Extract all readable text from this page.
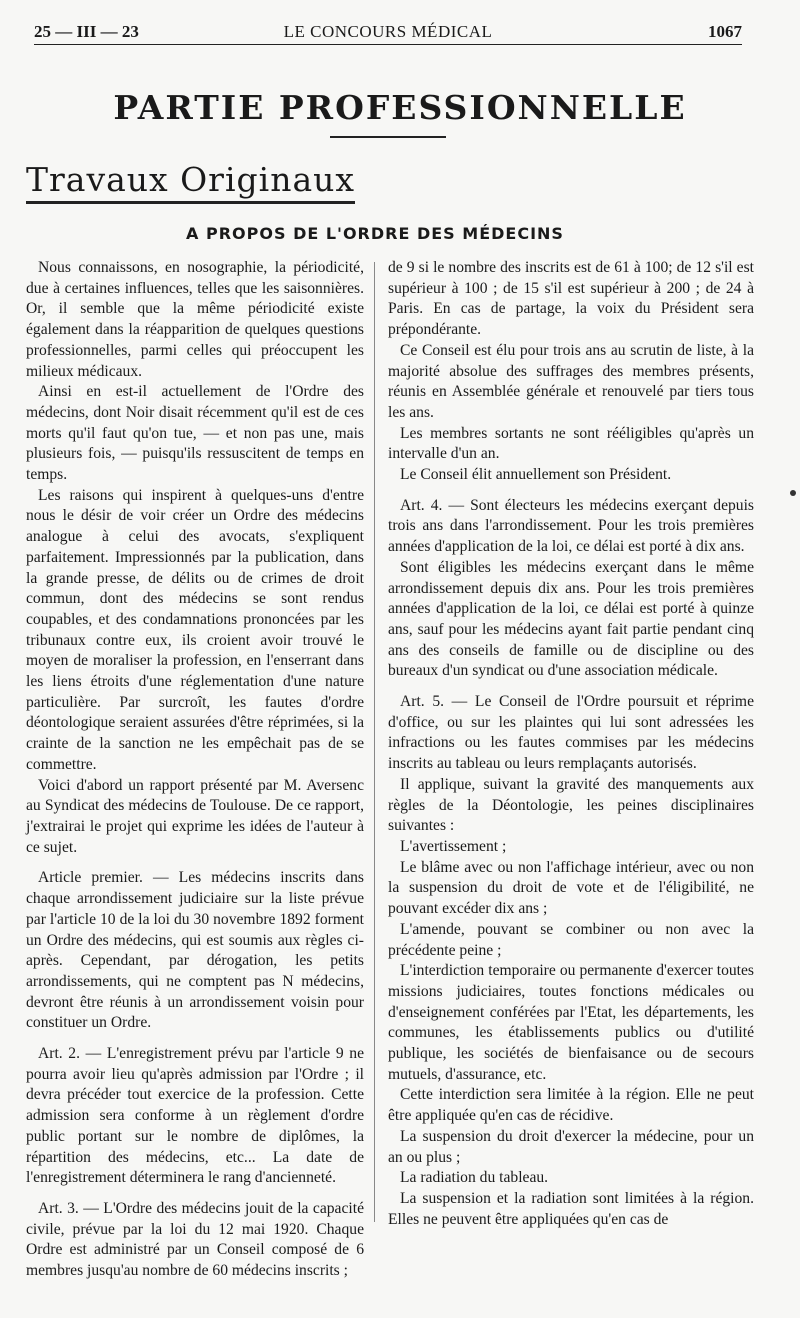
25 — III — 23	LE CONCOURS MÉDICAL	1067
PARTIE PROFESSIONNELLE
Travaux Originaux
A PROPOS DE L'ORDRE DES MÉDECINS

Nous connaissons, en nosographie, la périodicité, due à certaines influences, telles que les saisonnières. Or, il semble que la même périodicité existe également dans la réapparition de quelques questions professionnelles, parmi celles qui préoccupent les milieux médicaux.

Ainsi en est-il actuellement de l'Ordre des médecins, dont Noir disait récemment qu'il est de ces morts qu'il faut qu'on tue, — et non pas une, mais plusieurs fois, — puisqu'ils ressuscitent de temps en temps.

Les raisons qui inspirent à quelques-uns d'entre nous le désir de voir créer un Ordre des médecins analogue à celui des avocats, s'expliquent parfaitement. Impressionnés par la publication, dans la grande presse, de délits ou de crimes de droit commun, dont des médecins se sont rendus coupables, et des condamnations prononcées par les tribunaux contre eux, ils croient avoir trouvé le moyen de moraliser la profession, en l'enserrant dans les liens étroits d'une réglementation d'une nature particulière. Par surcroît, les fautes d'ordre déontologique seraient assurées d'être réprimées, si la crainte de la sanction ne les empêchait pas de se commettre.

Voici d'abord un rapport présenté par M. Aversenc au Syndicat des médecins de Toulouse. De ce rapport, j'extrairai le projet qui exprime les idées de l'auteur à ce sujet.

Article premier. — Les médecins inscrits dans chaque arrondissement judiciaire sur la liste prévue par l'article 10 de la loi du 30 novembre 1892 forment un Ordre des médecins, qui est soumis aux règles ci-après. Cependant, par dérogation, les petits arrondissements, qui ne comptent pas N médecins, devront être réunis à un arrondissement voisin pour constituer un Ordre.

Art. 2. — L'enregistrement prévu par l'article 9 ne pourra avoir lieu qu'après admission par l'Ordre ; il devra précéder tout exercice de la profession. Cette admission sera conforme à un règlement d'ordre public portant sur le nombre de diplômes, la répartition des médecins, etc... La date de l'enregistrement déterminera le rang d'ancienneté.

Art. 3. — L'Ordre des médecins jouit de la capacité civile, prévue par la loi du 12 mai 1920. Chaque Ordre est administré par un Conseil composé de 6 membres jusqu'au nombre de 60 médecins inscrits ;

de 9 si le nombre des inscrits est de 61 à 100; de 12 s'il est supérieur à 100 ; de 15 s'il est supérieur à 200 ; de 24 à Paris. En cas de partage, la voix du Président sera prépondérante.

Ce Conseil est élu pour trois ans au scrutin de liste, à la majorité absolue des suffrages des membres présents, réunis en Assemblée générale et renouvelé par tiers tous les ans.

Les membres sortants ne sont rééligibles qu'après un intervalle d'un an.

Le Conseil élit annuellement son Président.

Art. 4. — Sont électeurs les médecins exerçant depuis trois ans dans l'arrondissement. Pour les trois premières années d'application de la loi, ce délai est porté à dix ans.

Sont éligibles les médecins exerçant dans le même arrondissement depuis dix ans. Pour les trois premières années d'application de la loi, ce délai est porté à quinze ans, sauf pour les médecins ayant fait partie pendant cinq ans des conseils de famille ou de discipline ou des bureaux d'un syndicat ou d'une association médicale.

Art. 5. — Le Conseil de l'Ordre poursuit et réprime d'office, ou sur les plaintes qui lui sont adressées les infractions ou les fautes commises par les médecins inscrits au tableau ou leurs remplaçants autorisés.

Il applique, suivant la gravité des manquements aux règles de la Déontologie, les peines disciplinaires suivantes :

L'avertissement ;

Le blâme avec ou non l'affichage intérieur, avec ou non la suspension du droit de vote et de l'éligibilité, ne pouvant excéder dix ans ;

L'amende, pouvant se combiner ou non avec la précédente peine ;

L'interdiction temporaire ou permanente d'exercer toutes missions judiciaires, toutes fonctions médicales ou d'enseignement conférées par l'Etat, les départements, les communes, les établissements publics ou d'utilité publique, les sociétés de bienfaisance ou de secours mutuels, d'assurance, etc.

Cette interdiction sera limitée à la région. Elle ne peut être appliquée qu'en cas de récidive.

La suspension du droit d'exercer la médecine, pour un an ou plus ;

La radiation du tableau.

La suspension et la radiation sont limitées à la région. Elles ne peuvent être appliquées qu'en cas de
